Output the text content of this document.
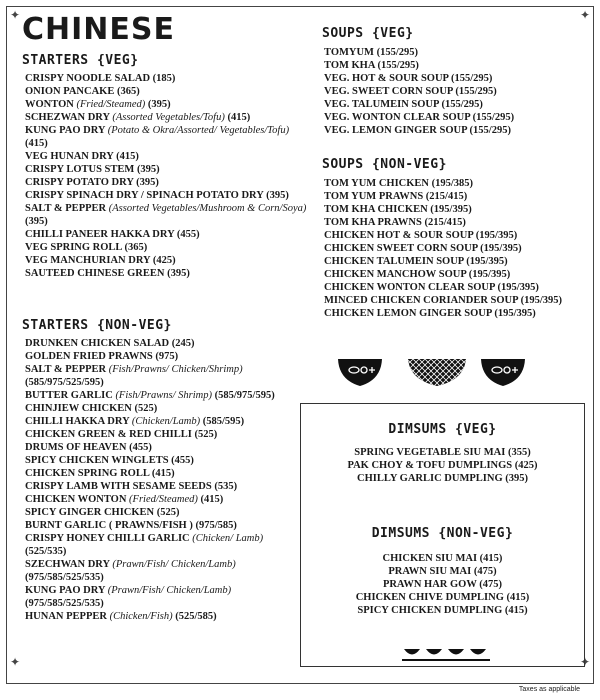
✦	✦
✦	✦
CHINESE
STARTERS {VEG}
CRISPY NOODLE SALAD (185)
ONION PANCAKE (365)
WONTON (Fried/Steamed) (395)
SCHEZWAN DRY (Assorted Vegetables/Tofu) (415)
KUNG PAO DRY (Potato & Okra/Assorted/ Vegetables/Tofu) (415)
VEG HUNAN DRY (415)
CRISPY LOTUS STEM (395)
CRISPY POTATO DRY (395)
CRISPY SPINACH DRY / SPINACH POTATO DRY (395)
SALT & PEPPER (Assorted Vegetables/Mushroom & Corn/Soya) (395)
CHILLI PANEER HAKKA DRY (455)
VEG SPRING ROLL (365)
VEG MANCHURIAN DRY (425)
SAUTEED CHINESE GREEN (395)
STARTERS {NON-VEG}
DRUNKEN CHICKEN SALAD (245)
GOLDEN FRIED PRAWNS (975)
SALT & PEPPER (Fish/Prawns/ Chicken/Shrimp) (585/975/525/595)
BUTTER GARLIC (Fish/Prawns/ Shrimp) (585/975/595)
CHINJIEW CHICKEN (525)
CHILLI HAKKA DRY (Chicken/Lamb) (585/595)
CHICKEN GREEN & RED CHILLI (525)
DRUMS OF HEAVEN (455)
SPICY CHICKEN WINGLETS (455)
CHICKEN SPRING ROLL (415)
CRISPY LAMB WITH SESAME SEEDS (535)
CHICKEN WONTON (Fried/Steamed) (415)
SPICY GINGER CHICKEN (525)
BURNT GARLIC ( PRAWNS/FISH ) (975/585)
CRISPY HONEY CHILLI GARLIC (Chicken/ Lamb) (525/535)
SZECHWAN DRY (Prawn/Fish/ Chicken/Lamb) (975/585/525/535)
KUNG PAO DRY (Prawn/Fish/ Chicken/Lamb) (975/585/525/535)
HUNAN PEPPER (Chicken/Fish) (525/585)
SOUPS {VEG}
TOMYUM (155/295)
TOM KHA (155/295)
VEG. HOT & SOUR SOUP (155/295)
VEG. SWEET CORN SOUP (155/295)
VEG. TALUMEIN SOUP (155/295)
VEG. WONTON CLEAR SOUP (155/295)
VEG. LEMON GINGER SOUP (155/295)
SOUPS {NON-VEG}
TOM YUM CHICKEN (195/385)
TOM YUM PRAWNS (215/415)
TOM KHA CHICKEN (195/395)
TOM KHA PRAWNS (215/415)
CHICKEN HOT & SOUR SOUP (195/395)
CHICKEN SWEET CORN SOUP (195/395)
CHICKEN TALUMEIN SOUP (195/395)
CHICKEN MANCHOW SOUP (195/395)
CHICKEN WONTON CLEAR SOUP (195/395)
MINCED CHICKEN CORIANDER SOUP (195/395)
CHICKEN LEMON GINGER SOUP (195/395)
DIMSUMS {VEG}
SPRING VEGETABLE SIU MAI (355)
PAK CHOY & TOFU DUMPLINGS (425)
CHILLY GARLIC DUMPLING (395)
DIMSUMS {NON-VEG}
CHICKEN SIU MAI (415)
PRAWN SIU MAI (475)
PRAWN HAR GOW (475)
CHICKEN CHIVE DUMPLING (415)
SPICY CHICKEN DUMPLING (415)
Taxes as applicable
